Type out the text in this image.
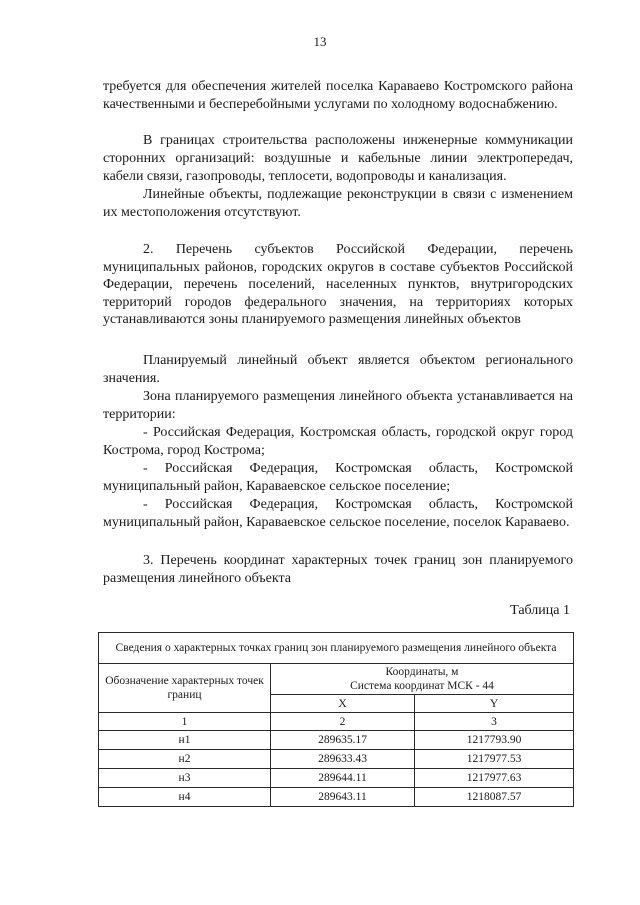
13

требуется для обеспечения жителей поселка Караваево Костромского района качественными и бесперебойными услугами по холодному водоснабжению.

В границах строительства расположены инженерные коммуникации сторонних организаций: воздушные и кабельные линии электропередач, кабели связи, газопроводы, теплосети, водопроводы и канализация.

Линейные объекты, подлежащие реконструкции в связи с изменением их местоположения отсутствуют.

2. Перечень субъектов Российской Федерации, перечень муниципальных районов, городских округов в составе субъектов Российской Федерации, перечень поселений, населенных пунктов, внутригородских территорий городов федерального значения, на территориях которых устанавливаются зоны планируемого размещения линейных объектов

Планируемый линейный объект является объектом регионального значения.

Зона планируемого размещения линейного объекта устанавливается на территории:

- Российская Федерация, Костромская область, городской округ город Кострома, город Кострома;

- Российская Федерация, Костромская область, Костромской муниципальный район, Караваевское сельское поселение;

- Российская Федерация, Костромская область, Костромской муниципальный район, Караваевское сельское поселение, поселок Караваево.

3. Перечень координат характерных точек границ зон планируемого размещения линейного объекта

Таблица 1
Сведения о характерных точках границ зон планируемого размещения линейного объекта		
Обозначение характерных точек границ	Координаты, м
Система координат МСК - 44	

	X	Y
1	2	3
н1	289635.17	1217793.90
н2	289633.43	1217977.53
н3	289644.11	1217977.63
н4	289643.11	1218087.57
